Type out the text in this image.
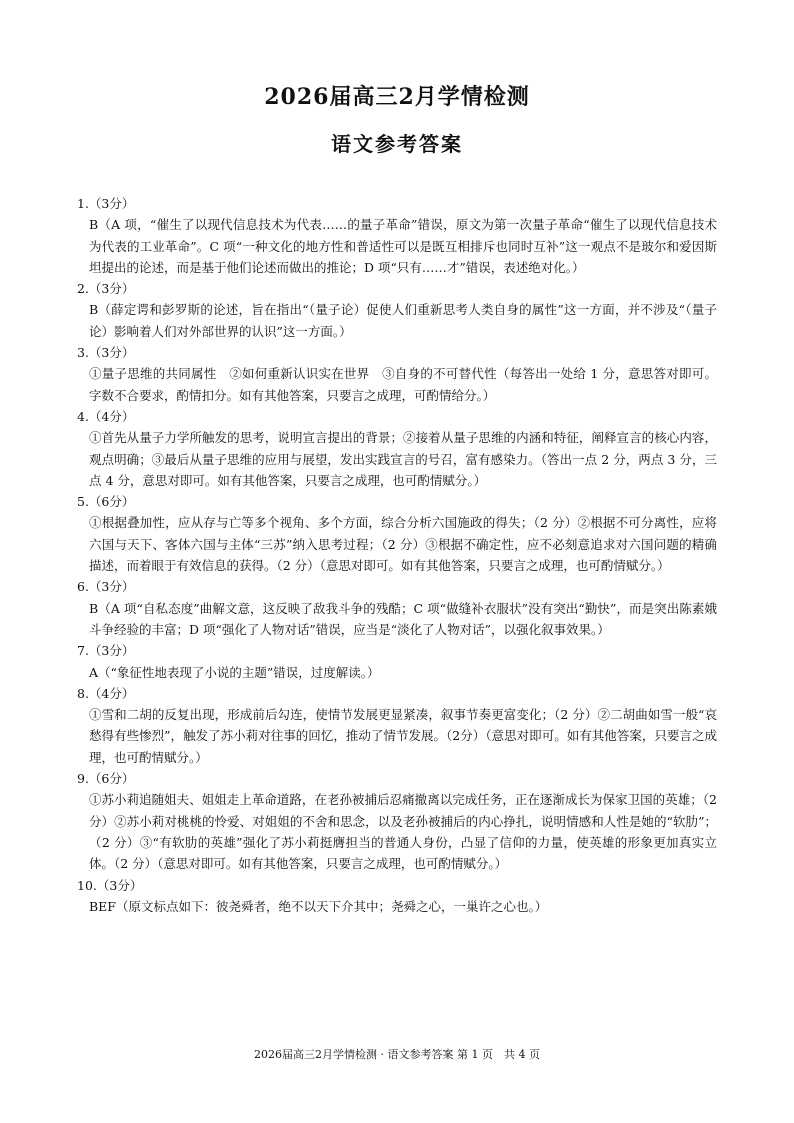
2026届高三2月学情检测
语文参考答案

1.（3分）

B（A 项，“催生了以现代信息技术为代表……的量子革命”错误，原文为第一次量子革命“催生了以现代信息技术为代表的工业革命”。C 项“一种文化的地方性和普适性可以是既互相排斥也同时互补”这一观点不是玻尔和爱因斯坦提出的论述，而是基于他们论述而做出的推论；D 项“只有……才”错误，表述绝对化。）

2.（3分）

B（薛定谔和彭罗斯的论述，旨在指出“（量子论）促使人们重新思考人类自身的属性”这一方面，并不涉及“（量子论）影响着人们对外部世界的认识”这一方面。）

3.（3分）

①量子思维的共同属性　②如何重新认识实在世界　③自身的不可替代性（每答出一处给 1 分，意思答对即可。字数不合要求，酌情扣分。如有其他答案，只要言之成理，可酌情给分。）

4.（4分）

①首先从量子力学所触发的思考，说明宣言提出的背景；②接着从量子思维的内涵和特征，阐释宣言的核心内容，观点明确；③最后从量子思维的应用与展望，发出实践宣言的号召，富有感染力。（答出一点 2 分，两点 3 分，三点 4 分，意思对即可。如有其他答案，只要言之成理，也可酌情赋分。）

5.（6分）

①根据叠加性，应从存与亡等多个视角、多个方面，综合分析六国施政的得失；（2 分）②根据不可分离性，应将六国与天下、客体六国与主体“三苏”纳入思考过程；（2 分）③根据不确定性，应不必刻意追求对六国问题的精确描述，而着眼于有效信息的获得。（2 分）（意思对即可。如有其他答案，只要言之成理，也可酌情赋分。）

6.（3分）

B（A 项“自私态度”曲解文意，这反映了敌我斗争的残酷；C 项“做缝补衣服状”没有突出“勤快”，而是突出陈素娥斗争经验的丰富；D 项“强化了人物对话”错误，应当是“淡化了人物对话”，以强化叙事效果。）

7.（3分）

A（“象征性地表现了小说的主题”错误，过度解读。）

8.（4分）

①雪和二胡的反复出现，形成前后勾连，使情节发展更显紧凑，叙事节奏更富变化；（2 分）②二胡曲如雪一般“哀愁得有些惨烈”，触发了苏小莉对往事的回忆，推动了情节发展。（2分）（意思对即可。如有其他答案，只要言之成理，也可酌情赋分。）

9.（6分）

①苏小莉追随姐夫、姐姐走上革命道路，在老孙被捕后忍痛撤离以完成任务，正在逐渐成长为保家卫国的英雄；（2 分）②苏小莉对桃桃的怜爱、对姐姐的不舍和思念，以及老孙被捕后的内心挣扎，说明情感和人性是她的“软肋”；（2 分）③“有软肋的英雄”强化了苏小莉挺膺担当的普通人身份，凸显了信仰的力量，使英雄的形象更加真实立体。（2 分）（意思对即可。如有其他答案，只要言之成理，也可酌情赋分。）

10.（3分）

BEF（原文标点如下：彼尧舜者，绝不以天下介其中；尧舜之心，一巢许之心也。）

2026届高三2月学情检测 · 语文参考答案 第 1 页　共 4 页
